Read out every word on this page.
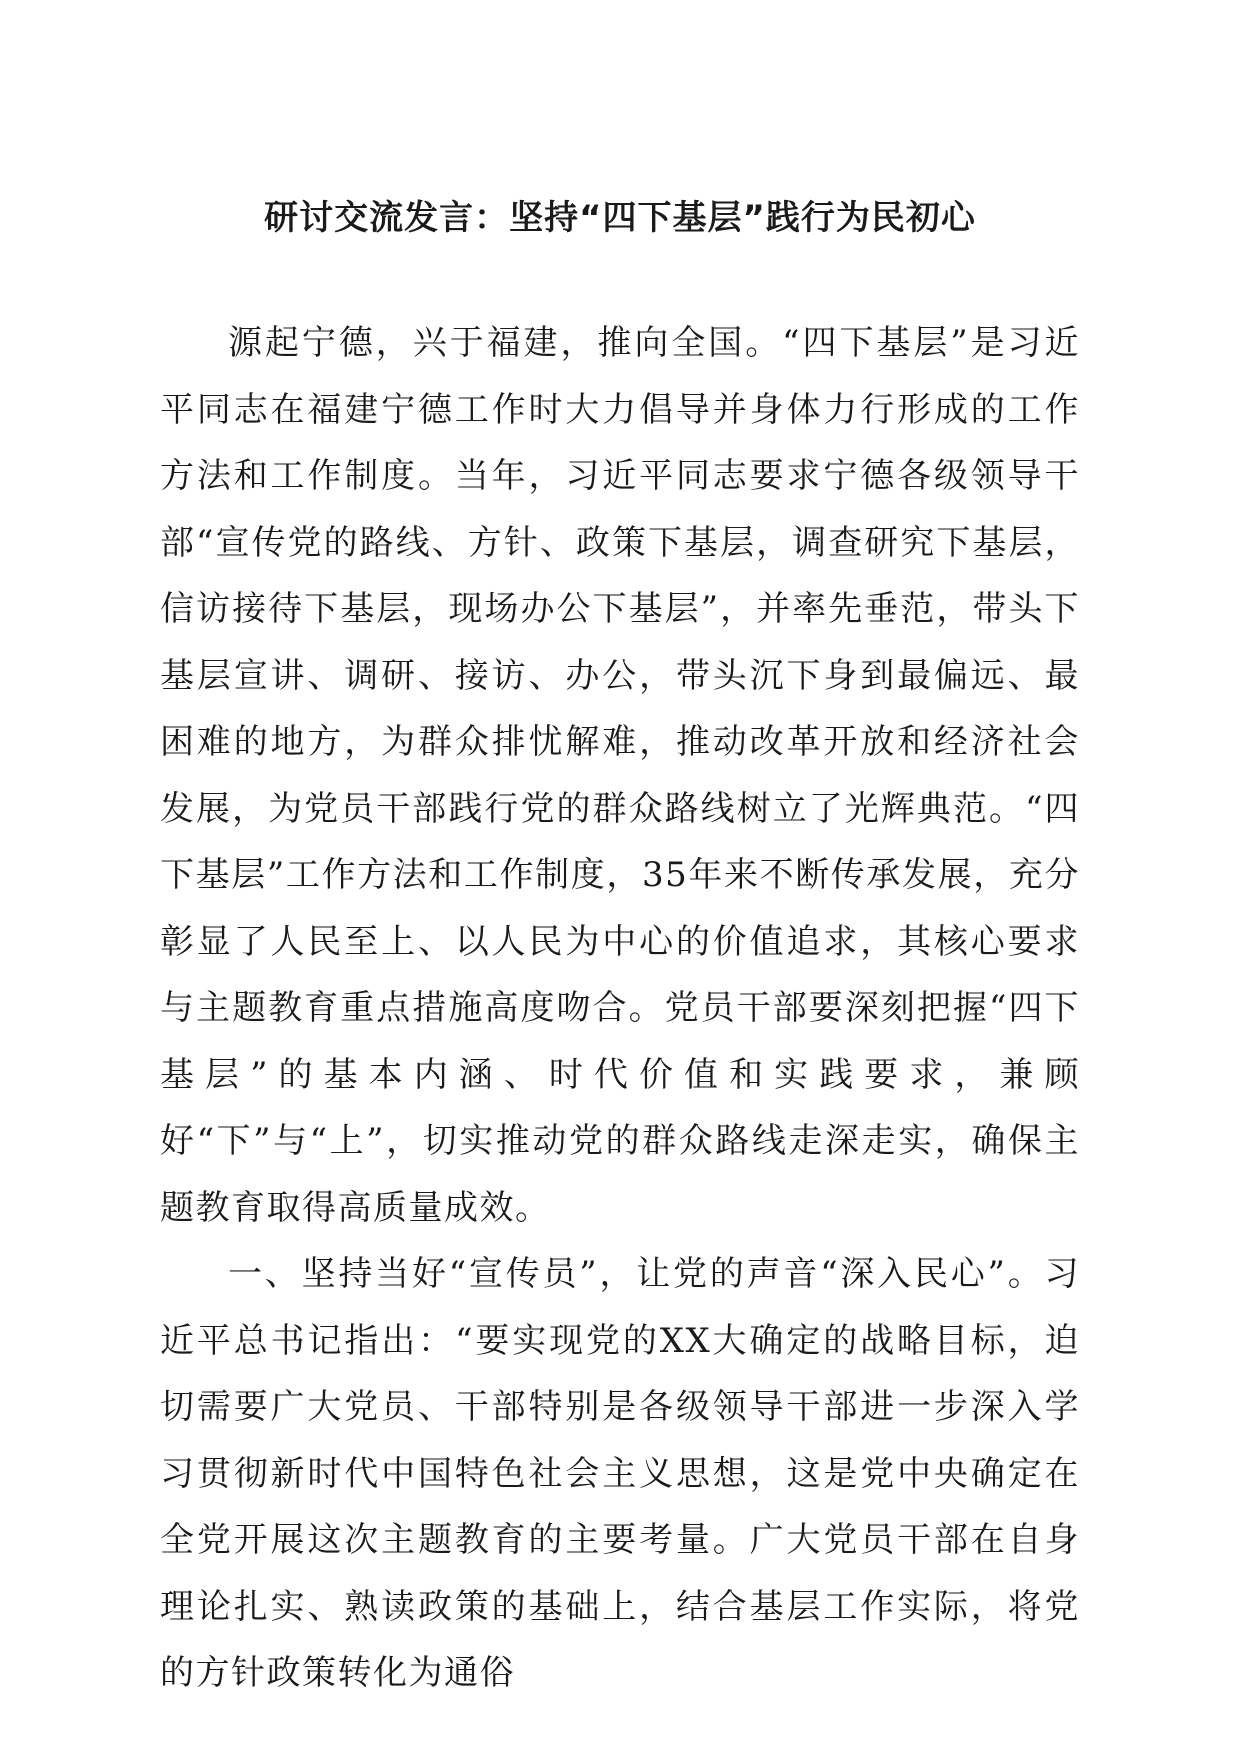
研讨交流发言：坚持“四下基层”践行为民初心

源起宁德，兴于福建，推向全国。“四下基层”是习近平同志在福建宁德工作时大力倡导并身体力行形成的工作方法和工作制度。当年，习近平同志要求宁德各级领导干部“宣传党的路线、方针、政策下基层，调查研究下基层，信访接待下基层，现场办公下基层”，并率先垂范，带头下基层宣讲、调研、接访、办公，带头沉下身到最偏远、最困难的地方，为群众排忧解难，推动改革开放和经济社会发展，为党员干部践行党的群众路线树立了光辉典范。“四下基层”工作方法和工作制度，35年来不断传承发展，充分彰显了人民至上、以人民为中心的价值追求，其核心要求与主题教育重点措施高度吻合。党员干部要深刻把握“四下基层”的基本内涵、时代价值和实践要求，兼顾好“下”与“上”，切实推动党的群众路线走深走实，确保主题教育取得高质量成效。

一、坚持当好“宣传员”，让党的声音“深入民心”。习近平总书记指出：“要实现党的XX大确定的战略目标，迫切需要广大党员、干部特别是各级领导干部进一步深入学习贯彻新时代中国特色社会主义思想，这是党中央确定在全党开展这次主题教育的主要考量。广大党员干部在自身理论扎实、熟读政策的基础上，结合基层工作实际，将党的方针政策转化为通俗
